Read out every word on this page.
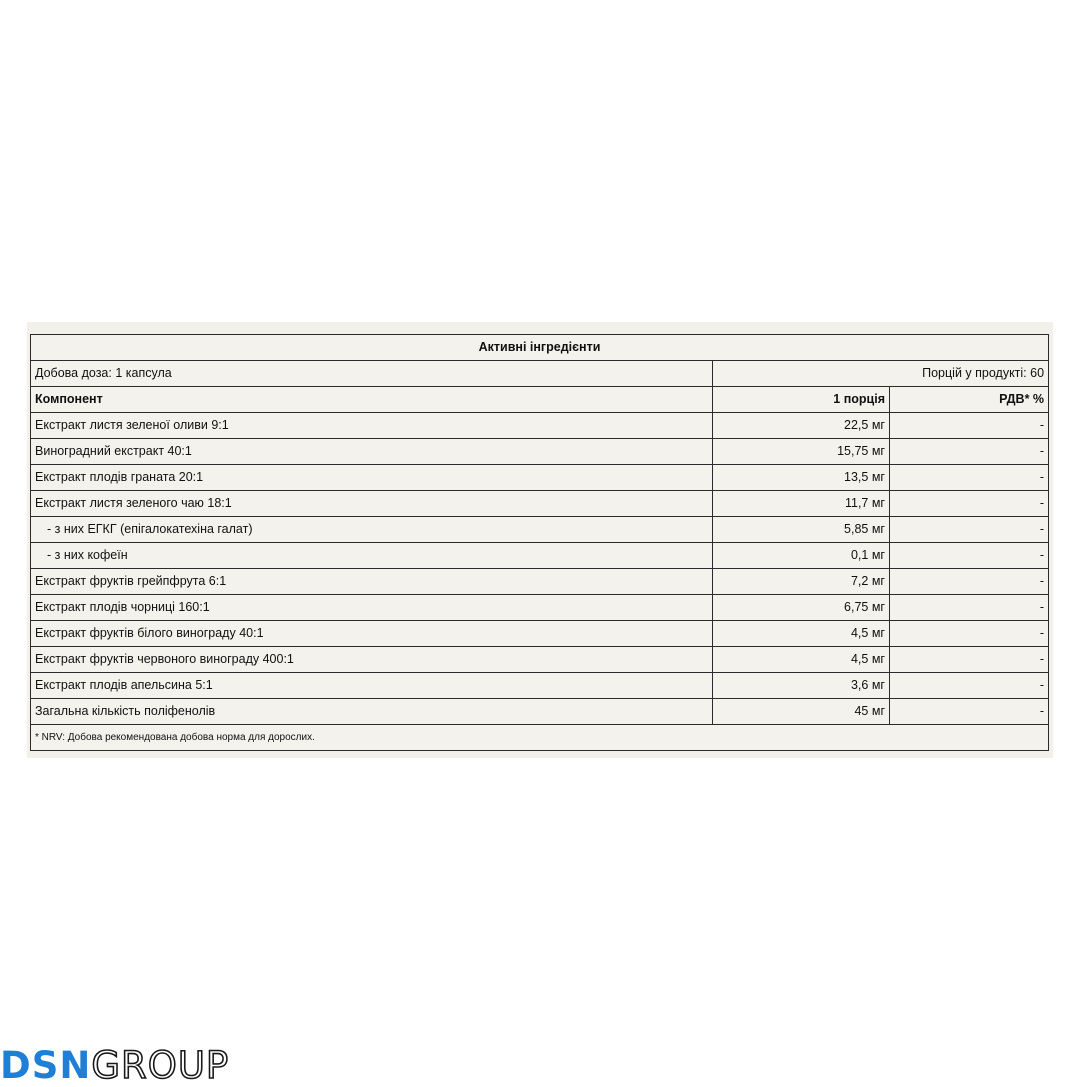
Активні інгредієнти		
Добова доза: 1 капсула	Порцій у продукті: 60	
Компонент	1 порція	РДВ* %
Екстракт листя зеленої оливи 9:1	22,5 мг	-
Виноградний екстракт 40:1	15,75 мг	-
Екстракт плодів граната 20:1	13,5 мг	-
Екстракт листя зеленого чаю 18:1	11,7 мг	-
- з них ЕГКГ (епігалокатехіна галат)	5,85 мг	-
- з них кофеїн	0,1 мг	-
Екстракт фруктів грейпфрута 6:1	7,2 мг	-
Екстракт плодів чорниці 160:1	6,75 мг	-
Екстракт фруктів білого винограду 40:1	4,5 мг	-
Екстракт фруктів червоного винограду 400:1	4,5 мг	-
Екстракт плодів апельсина 5:1	3,6 мг	-
Загальна кількість поліфенолів	45 мг	-
* NRV: Добова рекомендована добова норма для дорослих.		
DSN GROUP
